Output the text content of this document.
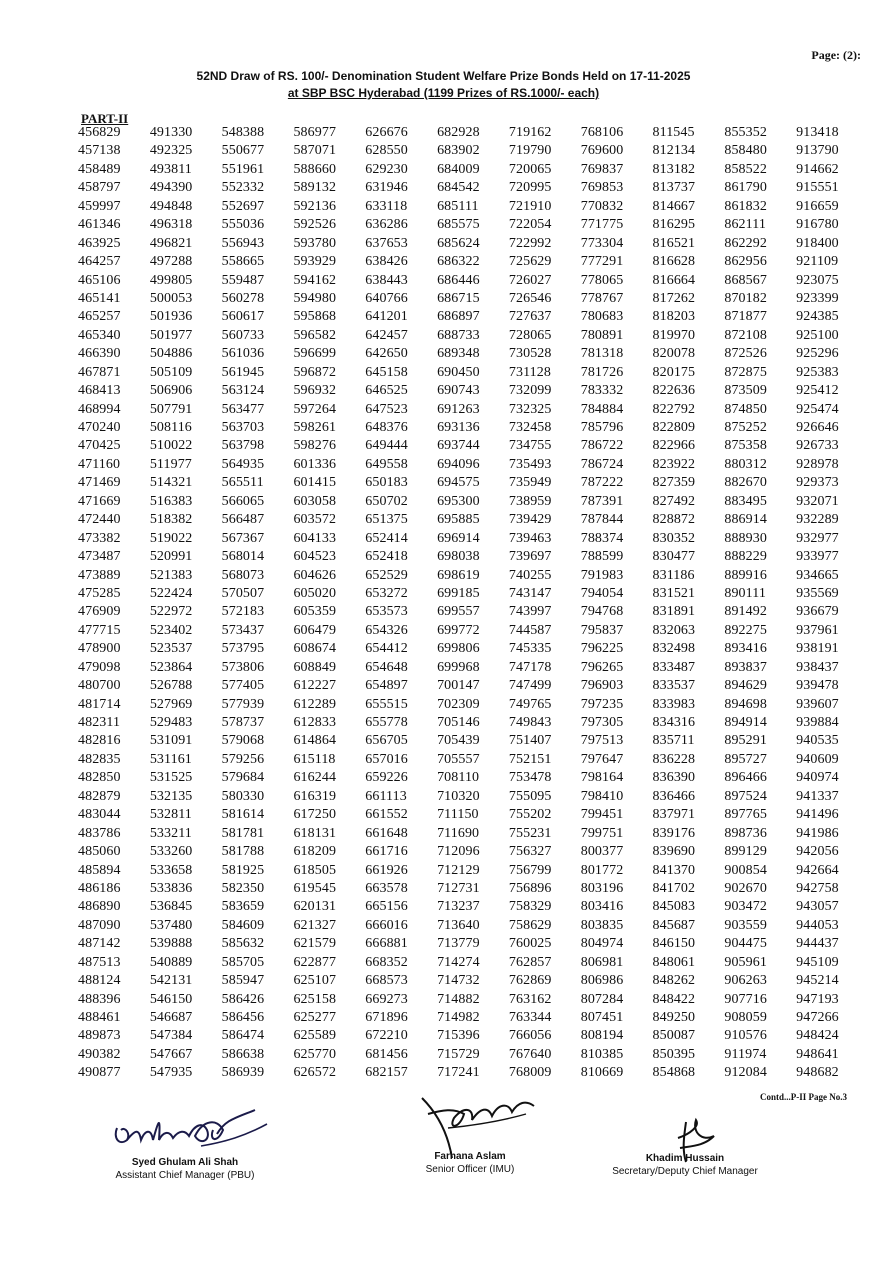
Page: (2):
52ND Draw of RS. 100/- Denomination Student Welfare Prize Bonds Held on 17-11-2025
at SBP BSC Hyderabad (1199 Prizes of RS.1000/- each)
PART-II
456829	491330	548388	586977	626676	682928	719162	768106	811545	855352	913418
457138	492325	550677	587071	628550	683902	719790	769600	812134	858480	913790
458489	493811	551961	588660	629230	684009	720065	769837	813182	858522	914662
458797	494390	552332	589132	631946	684542	720995	769853	813737	861790	915551
459997	494848	552697	592136	633118	685111	721910	770832	814667	861832	916659
461346	496318	555036	592526	636286	685575	722054	771775	816295	862111	916780
463925	496821	556943	593780	637653	685624	722992	773304	816521	862292	918400
464257	497288	558665	593929	638426	686322	725629	777291	816628	862956	921109
465106	499805	559487	594162	638443	686446	726027	778065	816664	868567	923075
465141	500053	560278	594980	640766	686715	726546	778767	817262	870182	923399
465257	501936	560617	595868	641201	686897	727637	780683	818203	871877	924385
465340	501977	560733	596582	642457	688733	728065	780891	819970	872108	925100
466390	504886	561036	596699	642650	689348	730528	781318	820078	872526	925296
467871	505109	561945	596872	645158	690450	731128	781726	820175	872875	925383
468413	506906	563124	596932	646525	690743	732099	783332	822636	873509	925412
468994	507791	563477	597264	647523	691263	732325	784884	822792	874850	925474
470240	508116	563703	598261	648376	693136	732458	785796	822809	875252	926646
470425	510022	563798	598276	649444	693744	734755	786722	822966	875358	926733
471160	511977	564935	601336	649558	694096	735493	786724	823922	880312	928978
471469	514321	565511	601415	650183	694575	735949	787222	827359	882670	929373
471669	516383	566065	603058	650702	695300	738959	787391	827492	883495	932071
472440	518382	566487	603572	651375	695885	739429	787844	828872	886914	932289
473382	519022	567367	604133	652414	696914	739463	788374	830352	888930	932977
473487	520991	568014	604523	652418	698038	739697	788599	830477	888229	933977
473889	521383	568073	604626	652529	698619	740255	791983	831186	889916	934665
475285	522424	570507	605020	653272	699185	743147	794054	831521	890111	935569
476909	522972	572183	605359	653573	699557	743997	794768	831891	891492	936679
477715	523402	573437	606479	654326	699772	744587	795837	832063	892275	937961
478900	523537	573795	608674	654412	699806	745335	796225	832498	893416	938191
479098	523864	573806	608849	654648	699968	747178	796265	833487	893837	938437
480700	526788	577405	612227	654897	700147	747499	796903	833537	894629	939478
481714	527969	577939	612289	655515	702309	749765	797235	833983	894698	939607
482311	529483	578737	612833	655778	705146	749843	797305	834316	894914	939884
482816	531091	579068	614864	656705	705439	751407	797513	835711	895291	940535
482835	531161	579256	615118	657016	705557	752151	797647	836228	895727	940609
482850	531525	579684	616244	659226	708110	753478	798164	836390	896466	940974
482879	532135	580330	616319	661113	710320	755095	798410	836466	897524	941337
483044	532811	581614	617250	661552	711150	755202	799451	837971	897765	941496
483786	533211	581781	618131	661648	711690	755231	799751	839176	898736	941986
485060	533260	581788	618209	661716	712096	756327	800377	839690	899129	942056
485894	533658	581925	618505	661926	712129	756799	801772	841370	900854	942664
486186	533836	582350	619545	663578	712731	756896	803196	841702	902670	942758
486890	536845	583659	620131	665156	713237	758329	803416	845083	903472	943057
487090	537480	584609	621327	666016	713640	758629	803835	845687	903559	944053
487142	539888	585632	621579	666881	713779	760025	804974	846150	904475	944437
487513	540889	585705	622877	668352	714274	762857	806981	848061	905961	945109
488124	542131	585947	625107	668573	714732	762869	806986	848262	906263	945214
488396	546150	586426	625158	669273	714882	763162	807284	848422	907716	947193
488461	546687	586456	625277	671896	714982	763344	807451	849250	908059	947266
489873	547384	586474	625589	672210	715396	766056	808194	850087	910576	948424
490382	547667	586638	625770	681456	715729	767640	810385	850395	911974	948641
490877	547935	586939	626572	682157	717241	768009	810669	854868	912084	948682
Contd...P-II Page No.3
Syed Ghulam Ali Shah
Assistant Chief Manager (PBU)
Farhana Aslam
Senior Officer (IMU)
Khadim Hussain
Secretary/Deputy Chief Manager
